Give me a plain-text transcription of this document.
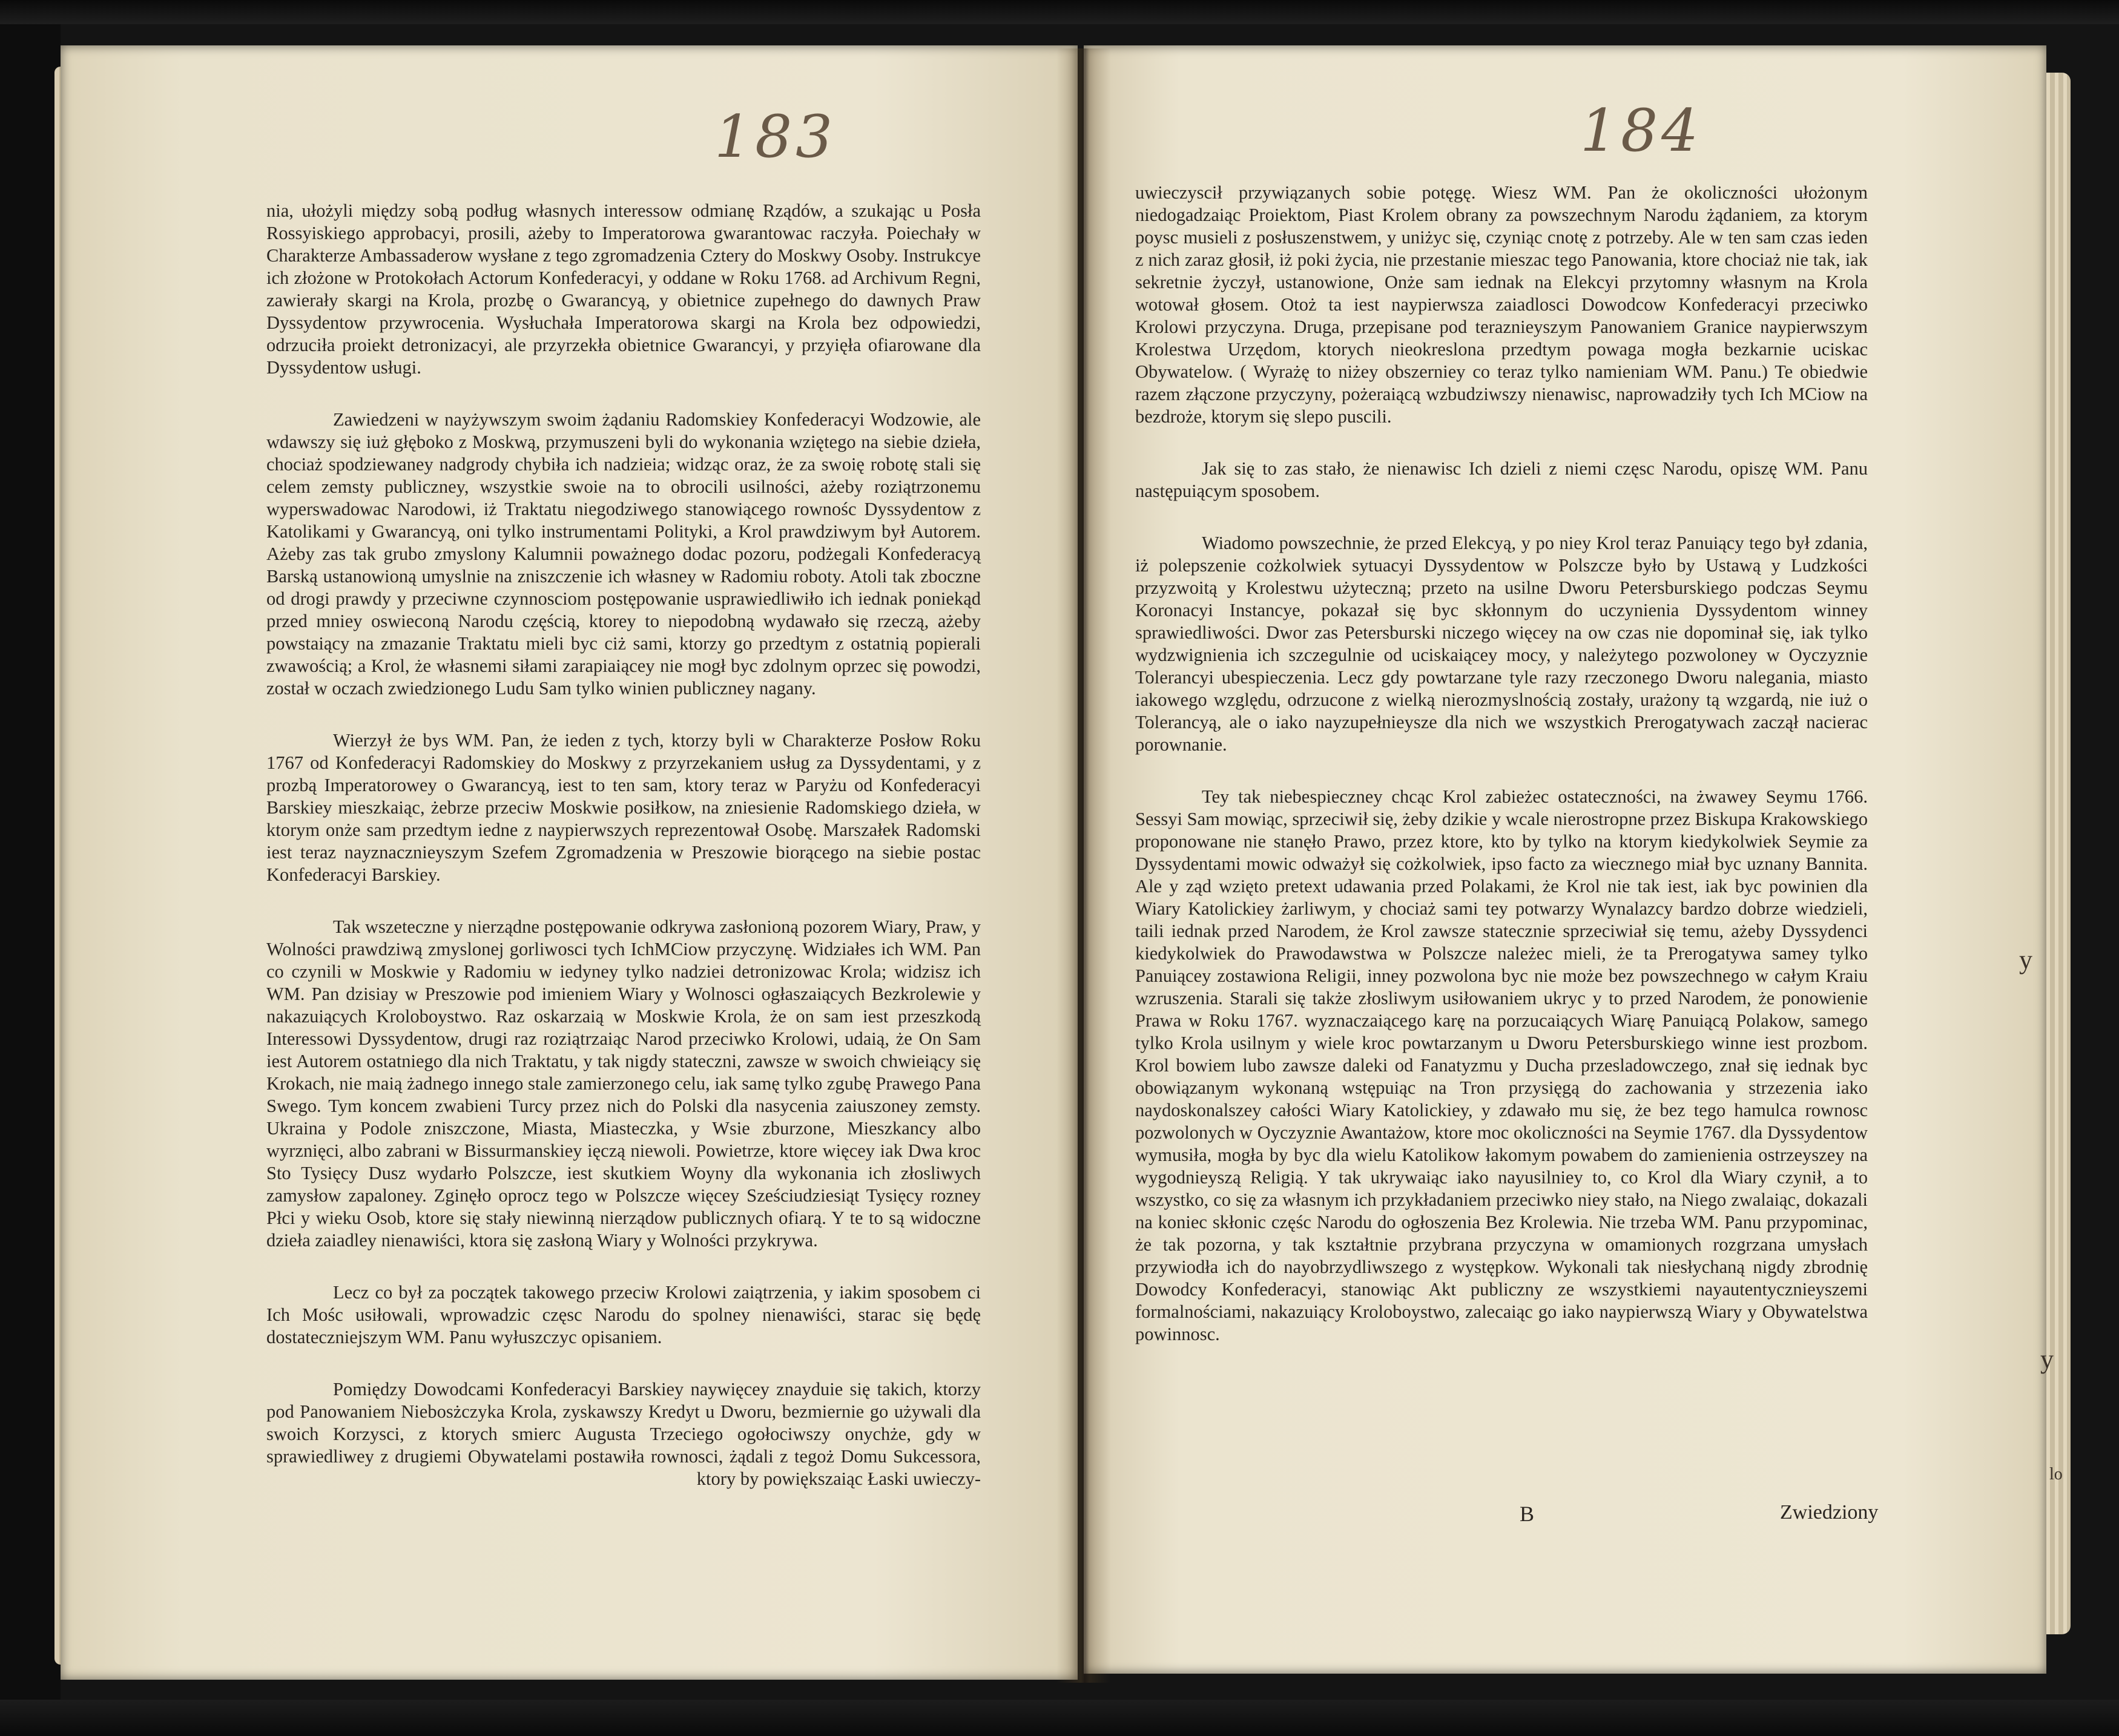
183	184

nia, ułożyli między sobą podług własnych interessow odmianę Rządów, a szukając u Posła Rossyiskiego approbacyi, prosili, ażeby to Imperatorowa gwarantowac raczyła. Poiechały w Charakterze Ambassaderow wysłane z tego zgromadzenia Cztery do Moskwy Osoby. Instrukcye ich złożone w Protokołach Actorum Konfederacyi, y oddane w Roku 1768. ad Archivum Regni, zawierały skargi na Krola, prozbę o Gwarancyą, y obietnice zupełnego do dawnych Praw Dyssydentow przywrocenia. Wysłuchała Imperatorowa skargi na Krola bez odpowiedzi, odrzuciła proiekt detronizacyi, ale przyrzekła obietnice Gwarancyi, y przyięła ofiarowane dla Dyssydentow usługi.

Zawiedzeni w nayżywszym swoim żądaniu Radomskiey Konfederacyi Wodzowie, ale wdawszy się iuż głęboko z Moskwą, przymuszeni byli do wykonania wziętego na siebie dzieła, chociaż spodziewaney nadgrody chybiła ich nadzieia; widząc oraz, że za swoię robotę stali się celem zemsty publiczney, wszystkie swoie na to obrocili usilności, ażeby roziątrzonemu wyperswadowac Narodowi, iż Traktatu niegodziwego stanowiącego rownośc Dyssydentow z Katolikami y Gwarancyą, oni tylko instrumentami Polityki, a Krol prawdziwym był Autorem. Ażeby zas tak grubo zmyslony Kalumnii poważnego dodac pozoru, podżegali Konfederacyą Barską ustanowioną umyslnie na zniszczenie ich własney w Radomiu roboty. Atoli tak zboczne od drogi prawdy y przeciwne czynnosciom postępowanie usprawiedliwiło ich iednak poniekąd przed mniey oswieconą Narodu częścią, ktorey to niepodobną wydawało się rzeczą, ażeby powstaiący na zmazanie Traktatu mieli byc ciż sami, ktorzy go przedtym z ostatnią popierali zwawością; a Krol, że własnemi siłami zarapiaiącey nie mogł byc zdolnym oprzec się powodzi, został w oczach zwiedzionego Ludu Sam tylko winien publiczney nagany.

Wierzył że bys WM. Pan, że ieden z tych, ktorzy byli w Charakterze Posłow Roku 1767 od Konfederacyi Radomskiey do Moskwy z przyrzekaniem usług za Dyssydentami, y z prozbą Imperatorowey o Gwarancyą, iest to ten sam, ktory teraz w Paryżu od Konfederacyi Barskiey mieszkaiąc, żebrze przeciw Moskwie posiłkow, na zniesienie Radomskiego dzieła, w ktorym onże sam przedtym iedne z naypierwszych reprezentował Osobę. Marszałek Radomski iest teraz nayznacznieyszym Szefem Zgromadzenia w Preszowie biorącego na siebie postac Konfederacyi Barskiey.

Tak wszeteczne y nierządne postępowanie odkrywa zasłonioną pozorem Wiary, Praw, y Wolności prawdziwą zmyslonej gorliwosci tych IchMCiow przyczynę. Widziałes ich WM. Pan co czynili w Moskwie y Radomiu w iedyney tylko nadziei detronizowac Krola; widzisz ich WM. Pan dzisiay w Preszowie pod imieniem Wiary y Wolnosci ogłaszaiących Bezkrolewie y nakazuiących Kroloboystwo. Raz oskarzaią w Moskwie Krola, że on sam iest przeszkodą Interessowi Dyssydentow, drugi raz roziątrzaiąc Narod przeciwko Krolowi, udaią, że On Sam iest Autorem ostatniego dla nich Traktatu, y tak nigdy stateczni, zawsze w swoich chwieiący się Krokach, nie maią żadnego innego stale zamierzonego celu, iak samę tylko zgubę Prawego Pana Swego. Tym koncem zwabieni Turcy przez nich do Polski dla nasycenia zaiuszoney zemsty. Ukraina y Podole zniszczone, Miasta, Miasteczka, y Wsie zburzone, Mieszkancy albo wyrznięci, albo zabrani w Bissurmanskiey ięczą niewoli. Powietrze, ktore więcey iak Dwa kroc Sto Tysięcy Dusz wydarło Polszcze, iest skutkiem Woyny dla wykonania ich złosliwych zamysłow zapaloney. Zginęło oprocz tego w Polszcze więcey Sześciudziesiąt Tysięcy rozney Płci y wieku Osob, ktore się stały niewinną nierządow publicznych ofiarą. Y te to są widoczne dzieła zaiadley nienawiści, ktora się zasłoną Wiary y Wolności przykrywa.

Lecz co był za początek takowego przeciw Krolowi zaiątrzenia, y iakim sposobem ci Ich Mośc usiłowali, wprowadzic częsc Narodu do spolney nienawiści, starac się będę dostateczniejszym WM. Panu wyłuszczyc opisaniem.

Pomiędzy Dowodcami Konfederacyi Barskiey naywięcey znayduie się takich, ktorzy pod Panowaniem Niebosżczyka Krola, zyskawszy Kredyt u Dworu, bezmiernie go używali dla swoich Korzysci, z ktorych smierc Augusta Trzeciego ogołociwszy onychże, gdy w sprawiedliwey z drugiemi Obywatelami postawiła rownosci, żądali z tegoż Domu Sukcessora, ktory by powiększaiąc Łaski uwieczy-

uwieczyscił przywiązanych sobie potęgę. Wiesz WM. Pan że okoliczności ułożonym niedogadzaiąc Proiektom, Piast Krolem obrany za powszechnym Narodu żądaniem, za ktorym poysc musieli z posłuszenstwem, y uniżyc się, czyniąc cnotę z potrzeby. Ale w ten sam czas ieden z nich zaraz głosił, iż poki życia, nie przestanie mieszac tego Panowania, ktore chociaż nie tak, iak sekretnie życzył, ustanowione, Onże sam iednak na Elekcyi przytomny własnym na Krola wotował głosem. Otoż ta iest naypierwsza zaiadlosci Dowodcow Konfederacyi przeciwko Krolowi przyczyna. Druga, przepisane pod teraznieyszym Panowaniem Granice naypierwszym Krolestwa Urzędom, ktorych nieokreslona przedtym powaga mogła bezkarnie uciskac Obywatelow. ( Wyrażę to niżey obszerniey co teraz tylko namieniam WM. Panu.) Te obiedwie razem złączone przyczyny, pożeraiącą wzbudziwszy nienawisc, naprowadziły tych Ich MCiow na bezdroże, ktorym się slepo puscili.

Jak się to zas stało, że nienawisc Ich dzieli z niemi częsc Narodu, opiszę WM. Panu następuiącym sposobem.

Wiadomo powszechnie, że przed Elekcyą, y po niey Krol teraz Panuiący tego był zdania, iż polepszenie cożkolwiek sytuacyi Dyssydentow w Polszcze było by Ustawą y Ludzkości przyzwoitą y Krolestwu użyteczną; przeto na usilne Dworu Petersburskiego podczas Seymu Koronacyi Instancye, pokazał się byc skłonnym do uczynienia Dyssydentom winney sprawiedliwości. Dwor zas Petersburski niczego więcey na ow czas nie dopominał się, iak tylko wydzwignienia ich szczegulnie od uciskaiącey mocy, y należytego pozwoloney w Oyczyznie Tolerancyi ubespieczenia. Lecz gdy powtarzane tyle razy rzeczonego Dworu nalegania, miasto iakowego względu, odrzucone z wielką nierozmyslnością zostały, urażony tą wzgardą, nie iuż o Tolerancyą, ale o iako nayzupełnieysze dla nich we wszystkich Prerogatywach zaczął nacierac porownanie.

Tey tak niebespieczney chcąc Krol zabieżec ostateczności, na żwawey Seymu 1766. Sessyi Sam mowiąc, sprzeciwił się, żeby dzikie y wcale nierostropne przez Biskupa Krakowskiego proponowane nie stanęło Prawo, przez ktore, kto by tylko na ktorym kiedykolwiek Seymie za Dyssydentami mowic odważył się cożkolwiek, ipso facto za wiecznego miał byc uznany Bannita. Ale y ząd wzięto pretext udawania przed Polakami, że Krol nie tak iest, iak byc powinien dla Wiary Katolickiey żarliwym, y chociaż sami tey potwarzy Wynalazcy bardzo dobrze wiedzieli, taili iednak przed Narodem, że Krol zawsze statecznie sprzeciwiał się temu, ażeby Dyssydenci kiedykolwiek do Prawodawstwa w Polszcze należec mieli, że ta Prerogatywa samey tylko Panuiącey zostawiona Religii, inney pozwolona byc nie może bez powszechnego w całym Kraiu wzruszenia. Starali się także złosliwym usiłowaniem ukryc y to przed Narodem, że ponowienie Prawa w Roku 1767. wyznaczaiącego karę na porzucaiących Wiarę Panuiącą Polakow, samego tylko Krola usilnym y wiele kroc powtarzanym u Dworu Petersburskiego winne iest prozbom. Krol bowiem lubo zawsze daleki od Fanatyzmu y Ducha przesladowczego, znał się iednak byc obowiązanym wykonaną wstępuiąc na Tron przysięgą do zachowania y strzezenia iako naydoskonalszey całości Wiary Katolickiey, y zdawało mu się, że bez tego hamulca rownosc pozwolonych w Oyczyznie Awantażow, ktore moc okoliczności na Seymie 1767. dla Dyssydentow wymusiła, mogła by byc dla wielu Katolikow łakomym powabem do zamienienia ostrzeyszey na wygodnieyszą Religią. Y tak ukrywaiąc iako nayusilniey to, co Krol dla Wiary czynił, a to wszystko, co się za własnym ich przykładaniem przeciwko niey stało, na Niego zwalaiąc, dokazali na koniec skłonic częśc Narodu do ogłoszenia Bez Krolewia. Nie trzeba WM. Panu przypominac, że tak pozorna, y tak kształtnie przybrana przyczyna w omamionych rozgrzana umysłach przywiodła ich do nayobrzydliwszego z występkow. Wykonali tak niesłychaną nigdy zbrodnię Dowodcy Konfederacyi, stanowiąc Akt publiczny ze wszystkiemi nayautentycznieyszemi formalnościami, nakazuiący Kroloboystwo, zalecaiąc go iako naypierwszą Wiary y Obywatelstwa powinnosc.

B	Zwiedziony
y
y
lo
